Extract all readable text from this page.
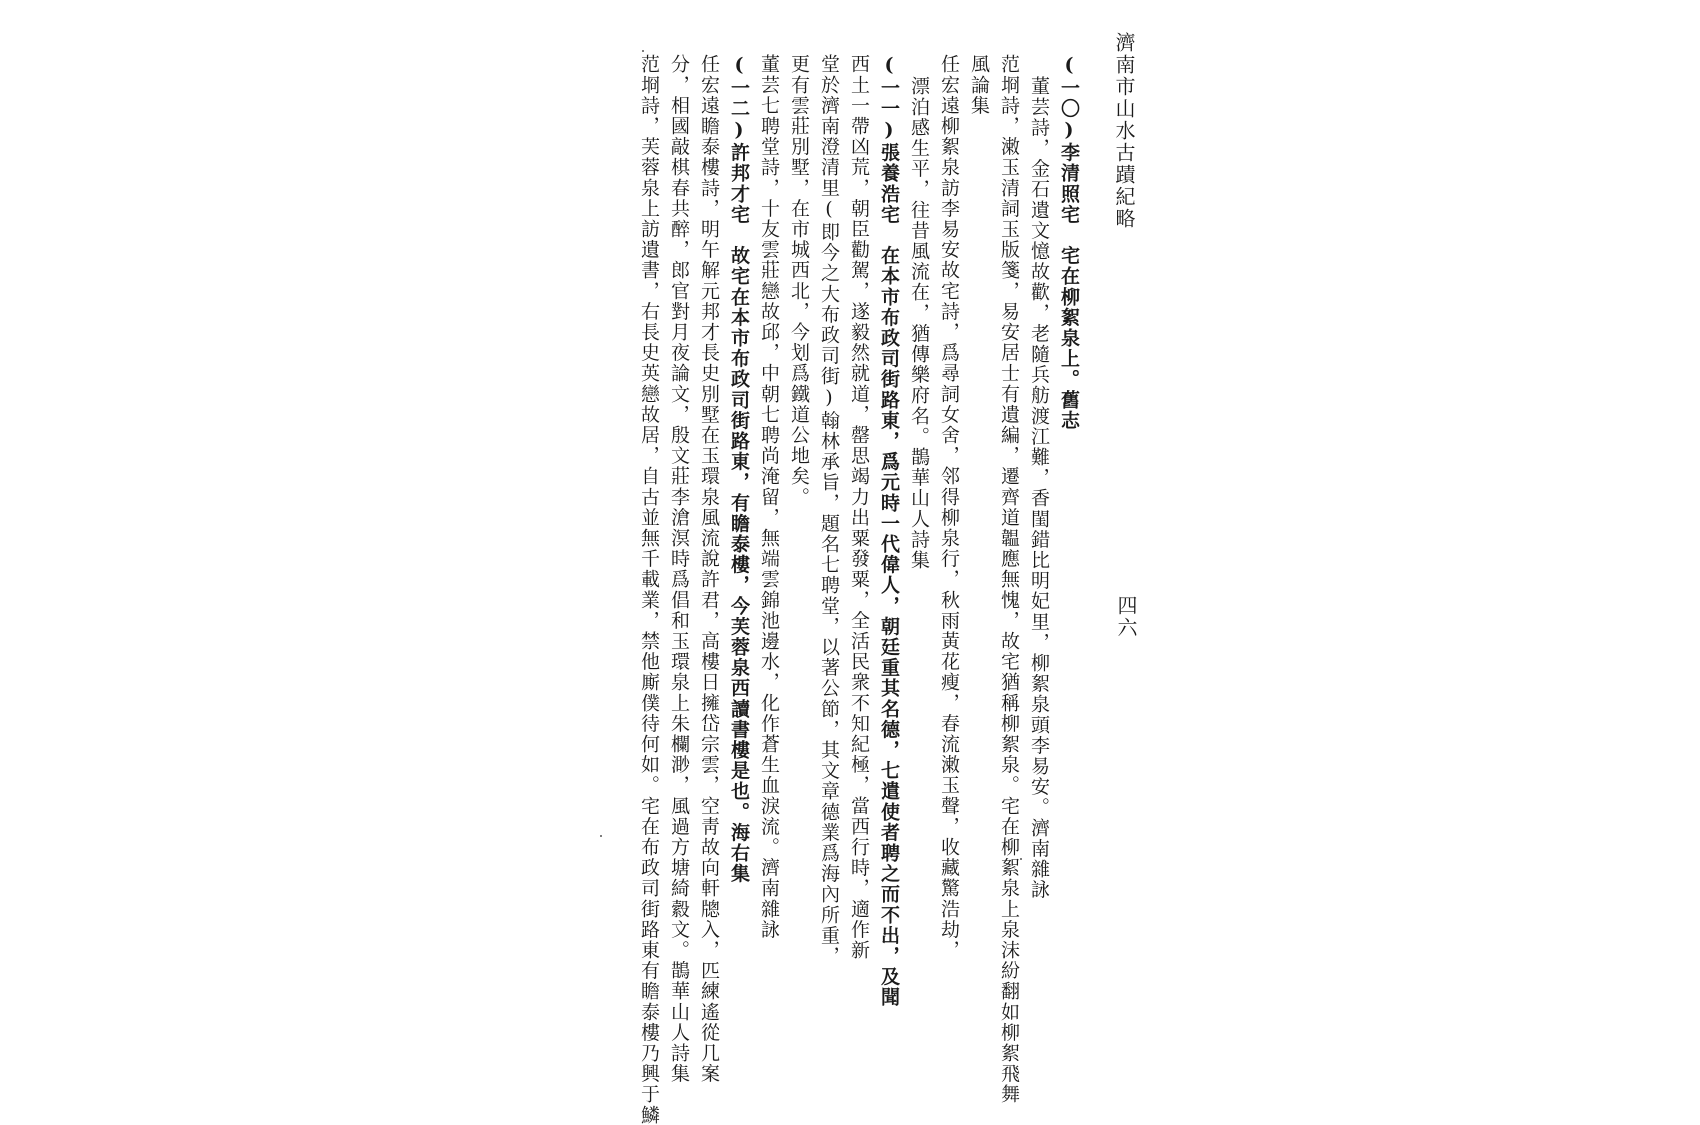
濟南市山水古蹟紀略
四六
(一〇)李清照宅　宅在柳絮泉上。舊志
董芸詩，金石遺文憶故歡，老隨兵舫渡江難，香閨錯比明妃里，柳絮泉頭李易安。濟南雜詠
范埛詩，潄玉清詞玉版箋，易安居士有遺編，遷齊道韞應無愧，故宅猶稱柳絮泉。宅在柳絮泉上泉沫紛翻如柳絮飛舞
風論集
任宏遠柳絮泉訪李易安故宅詩，爲尋詞女舍，邻得柳泉行，秋雨黃花瘦，春流潄玉聲，收藏驚浩劫，
漂泊感生平，往昔風流在，猶傳樂府名。鵲華山人詩集
(一一)張養浩宅　在本市布政司街路東，爲元時一代偉人，朝廷重其名德，七遣使者聘之而不出，及聞
西土一帶凶荒，朝臣勸駕，遂毅然就道，罄思竭力出粟發粟，全活民衆不知紀極，當西行時，適作新
堂於濟南澄清里(即今之大布政司街)翰林承旨，題名七聘堂，以著公節，其文章德業爲海內所重，
更有雲莊別墅，在市城西北，今划爲鐵道公地矣。
董芸七聘堂詩，十友雲莊戀故邱，中朝七聘尚淹留，無端雲錦池邊水，化作蒼生血淚流。濟南雜詠
(一二)許邦才宅　故宅在本市布政司街路東，有瞻泰樓，今芙蓉泉西讀書樓是也。海右集
任宏遠瞻泰樓詩，明午解元邦才長史別墅在玉環泉風流說許君，高樓日擁岱宗雲，空靑故向軒牕入，匹練遙從几案
分，相國敲棋春共醉，郎官對月夜論文，殷文莊李滄溟時爲倡和玉環泉上朱欄渺，風過方塘綺縠文。鵲華山人詩集
范埛詩，芙蓉泉上訪遺書，右長史英戀故居，自古並無千載業，禁他廝僕待何如。宅在布政司街路東有瞻泰樓乃興于鱗
